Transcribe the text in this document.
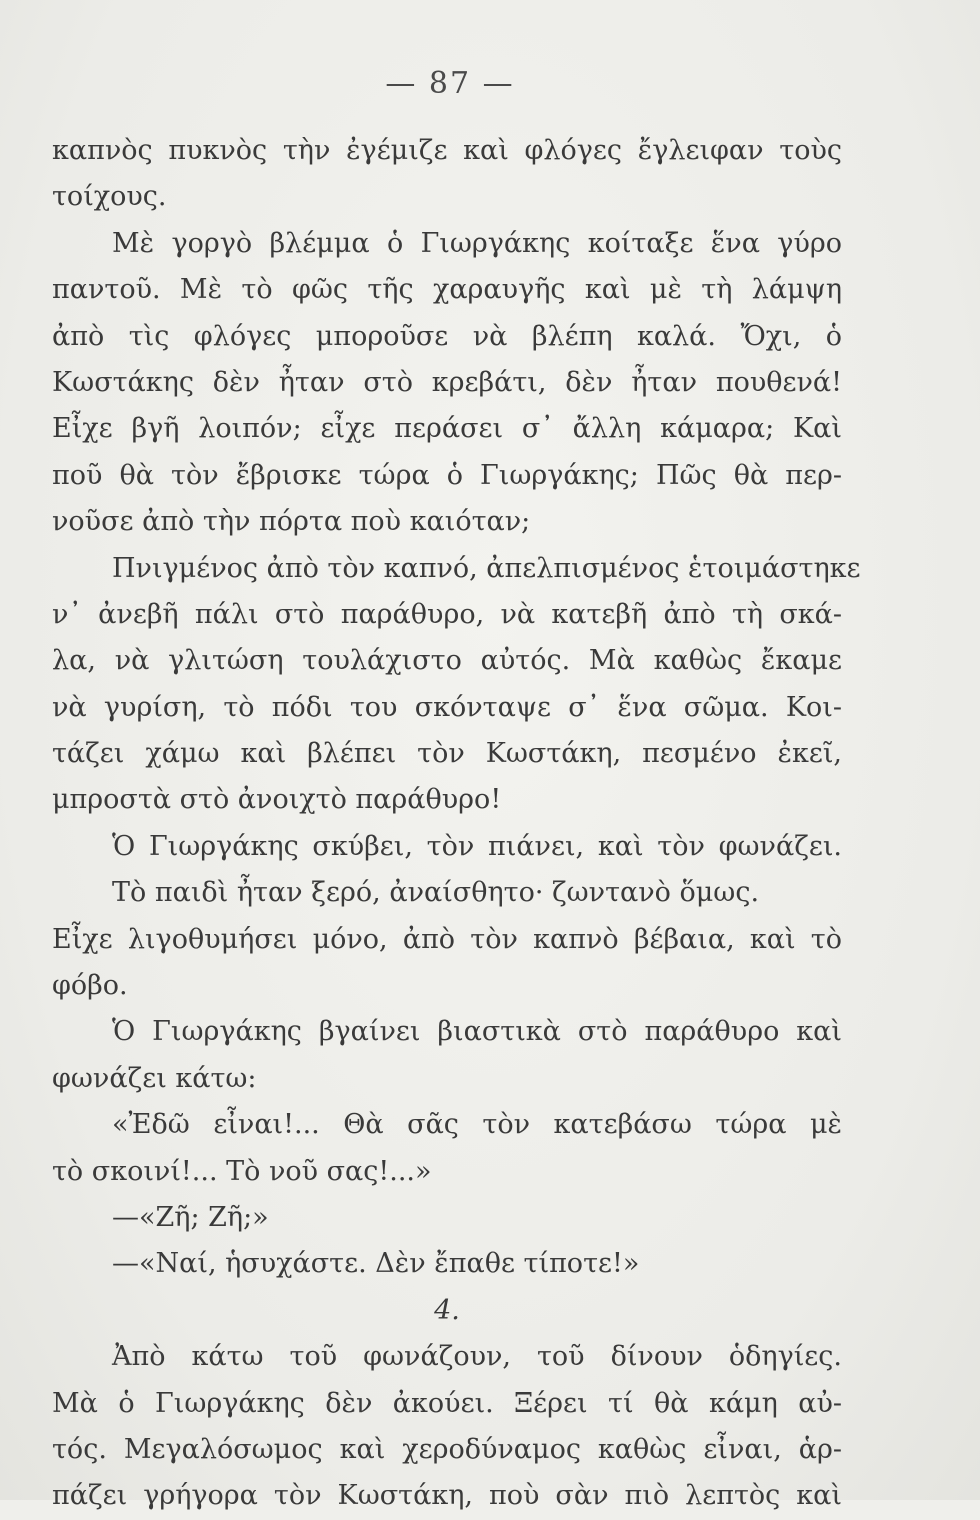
— 87 —
καπνὸς πυκνὸς τὴν ἐγέμιζε καὶ φλόγες ἔγλειφαν τοὺς
τοίχους.
Μὲ γοργὸ βλέμμα ὁ Γιωργάκης κοίταξε ἕνα γύρο
παντοῦ. Μὲ τὸ φῶς τῆς χαραυγῆς καὶ μὲ τὴ λάμψη
ἀπὸ τὶς φλόγες μποροῦσε νὰ βλέπη καλά. Ὄχι, ὁ
Κωστάκης δὲν ἦταν στὸ κρεβάτι, δὲν ἦταν πουθενά!
Εἶχε βγῆ λοιπόν; εἶχε περάσει σ᾽ ἄλλη κάμαρα; Καὶ
ποῦ θὰ τὸν ἔβρισκε τώρα ὁ Γιωργάκης; Πῶς θὰ περ-
νοῦσε ἀπὸ τὴν πόρτα ποὺ καιόταν;
Πνιγμένος ἀπὸ τὸν καπνό, ἀπελπισμένος ἑτοιμάστηκε
ν᾽ ἀνεβῆ πάλι στὸ παράθυρο, νὰ κατεβῆ ἀπὸ τὴ σκά-
λα, νὰ γλιτώση τουλάχιστο αὐτός. Μὰ καθὼς ἔκαμε
νὰ γυρίση, τὸ πόδι του σκόνταψε σ᾽ ἕνα σῶμα. Κοι-
τάζει χάμω καὶ βλέπει τὸν Κωστάκη, πεσμένο ἐκεῖ,
μπροστὰ στὸ ἀνοιχτὸ παράθυρο!
Ὁ Γιωργάκης σκύβει, τὸν πιάνει, καὶ τὸν φωνάζει.
Τὸ παιδὶ ἦταν ξερό, ἀναίσθητο· ζωντανὸ ὅμως.
Εἶχε λιγοθυμήσει μόνο, ἀπὸ τὸν καπνὸ βέβαια, καὶ τὸ
φόβο.
Ὁ Γιωργάκης βγαίνει βιαστικὰ στὸ παράθυρο καὶ
φωνάζει κάτω:
«Ἐδῶ εἶναι!... Θὰ σᾶς τὸν κατεβάσω τώρα μὲ
τὸ σκοινί!... Τὸ νοῦ σας!...»
—«Ζῆ; Ζῆ;»
—«Ναί, ἡσυχάστε. Δὲν ἔπαθε τίποτε!»
4.
Ἀπὸ κάτω τοῦ φωνάζουν, τοῦ δίνουν ὁδηγίες.
Μὰ ὁ Γιωργάκης δὲν ἀκούει. Ξέρει τί θὰ κάμη αὐ-
τός. Μεγαλόσωμος καὶ χεροδύναμος καθὼς εἶναι, ἁρ-
πάζει γρήγορα τὸν Κωστάκη, ποὺ σὰν πιὸ λεπτὸς καὶ
